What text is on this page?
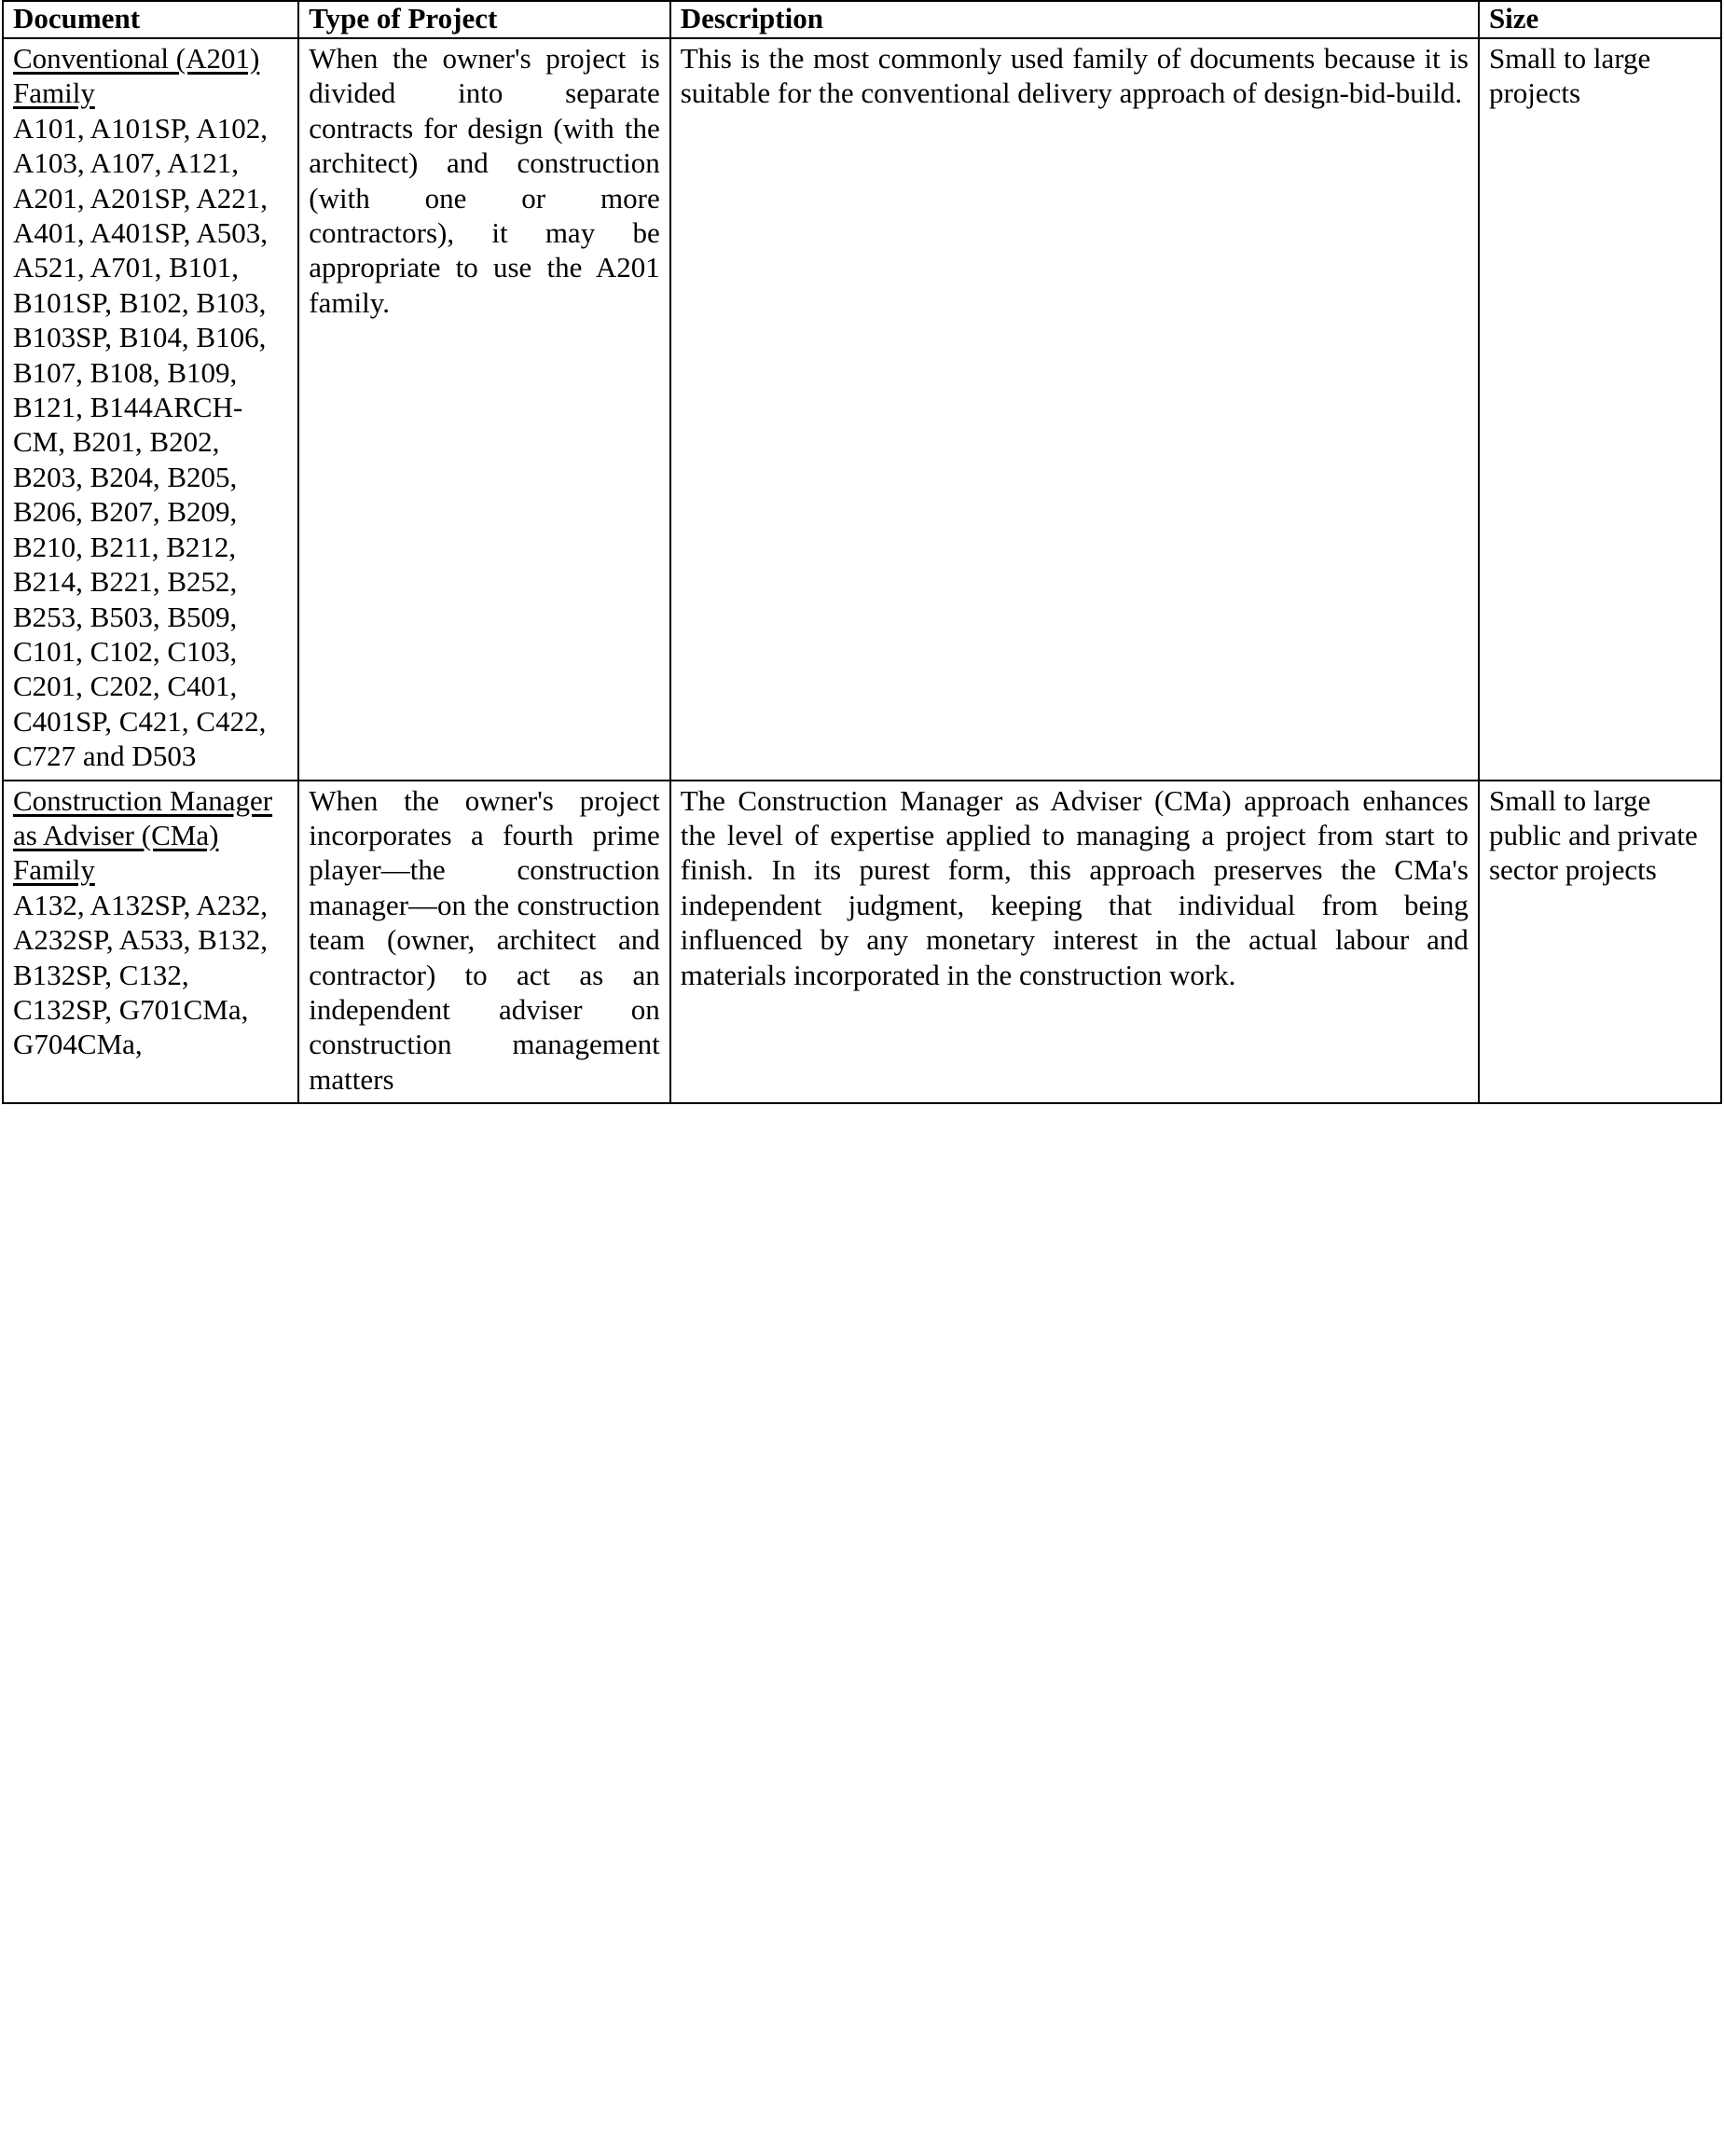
Document	Type of Project	Description	Size
Conventional (A201) Family
A101, A101SP, A102, A103, A107, A121, A201, A201SP, A221, A401, A401SP, A503, A521, A701, B101, B101SP, B102, B103, B103SP, B104, B106, B107, B108, B109, B121, B144ARCH-CM, B201, B202, B203, B204, B205, B206, B207, B209, B210, B211, B212, B214, B221, B252, B253, B503, B509, C101, C102, C103, C201, C202, C401, C401SP, C421, C422, C727 and D503	When the owner's project is divided into separate contracts for design (with the architect) and construction (with one or more contractors), it may be appropriate to use the A201 family.	This is the most commonly used family of documents because it is suitable for the conventional delivery approach of design-bid-build.	Small to large projects
Construction Manager as Adviser (CMa) Family
A132, A132SP, A232, A232SP, A533, B132, B132SP, C132, C132SP, G701CMa, G704CMa,	When the owner's project incorporates a fourth prime player—the construction manager—on the construction team (owner, architect and contractor) to act as an independent adviser on construction management matters	The Construction Manager as Adviser (CMa) approach enhances the level of expertise applied to managing a project from start to finish. In its purest form, this approach preserves the CMa's independent judgment, keeping that individual from being influenced by any monetary interest in the actual labour and materials incorporated in the construction work.	Small to large public and private sector projects
